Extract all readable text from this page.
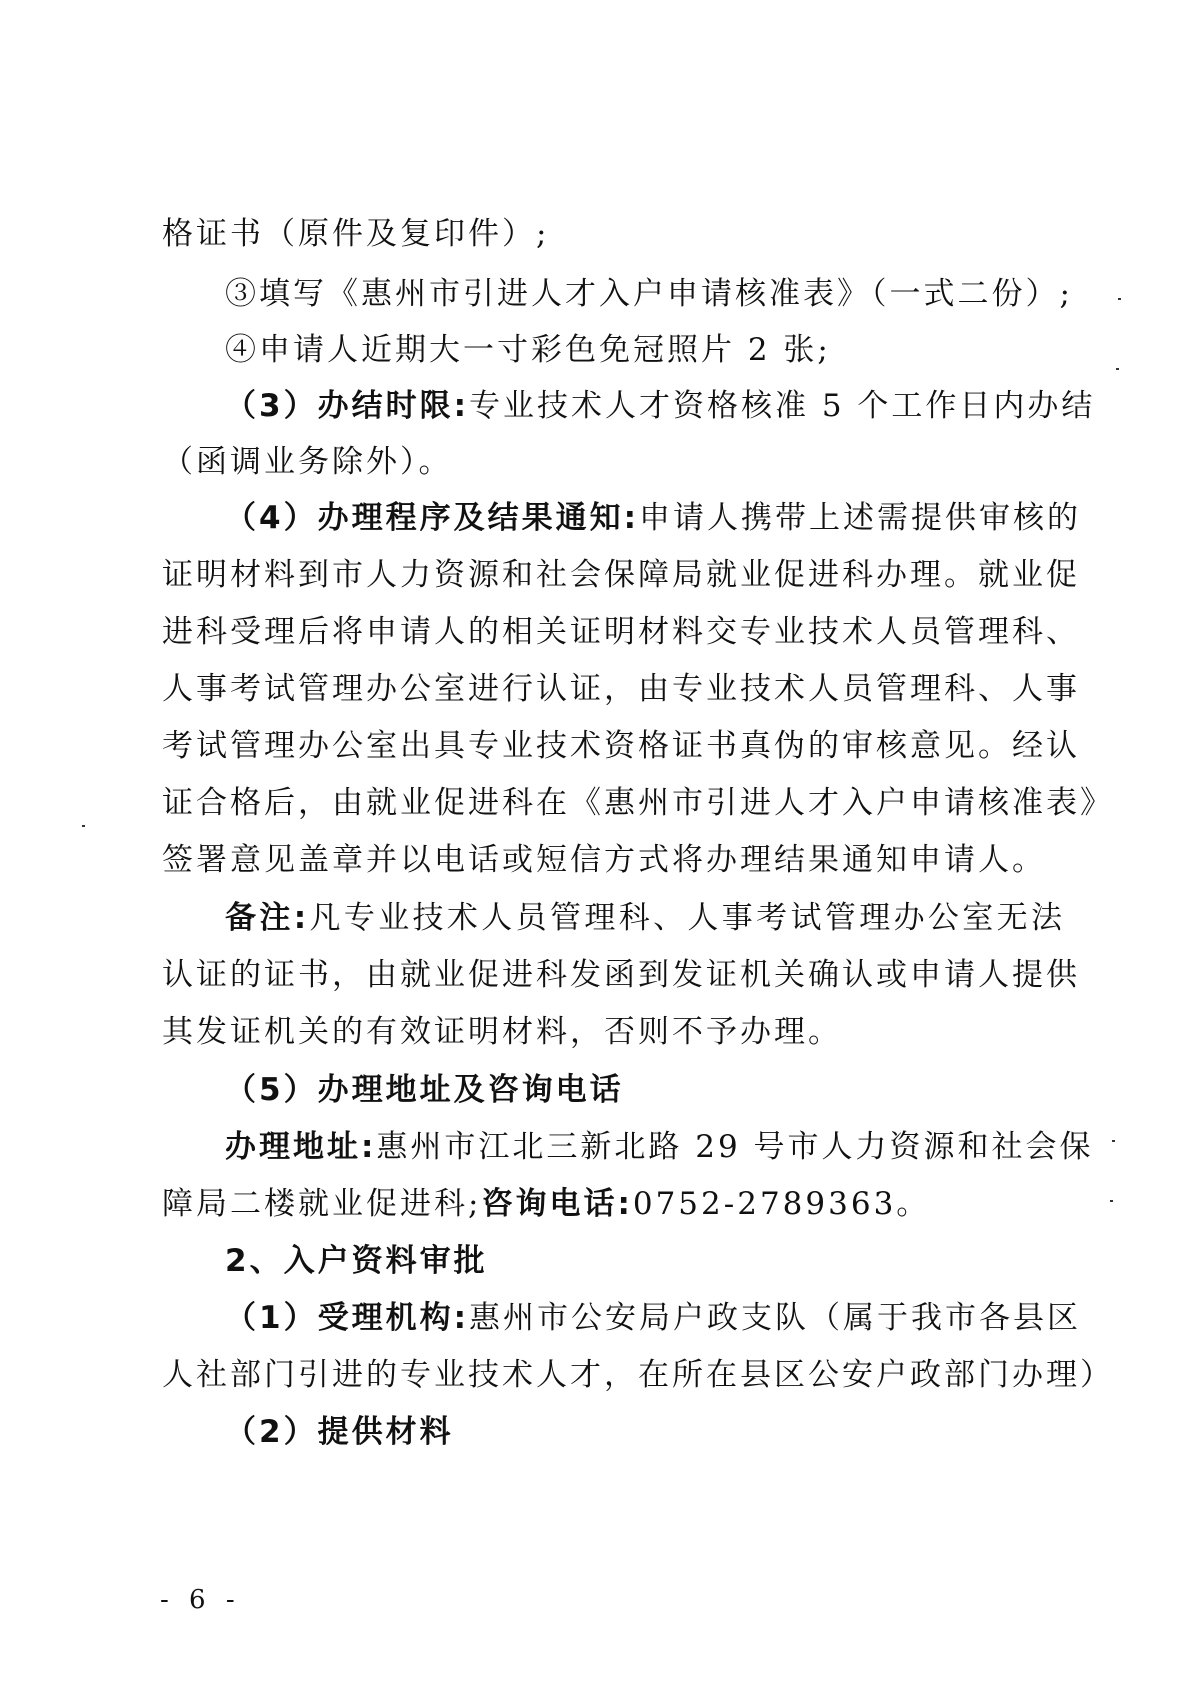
格证书（原件及复印件）;
③填写《惠州市引进人才入户申请核准表》（一式二份）;
④申请人近期大一寸彩色免冠照片 2 张;
（3）办结时限:专业技术人才资格核准 5 个工作日内办结
（函调业务除外）。
（4）办理程序及结果通知:申请人携带上述需提供审核的
证明材料到市人力资源和社会保障局就业促进科办理。就业促
进科受理后将申请人的相关证明材料交专业技术人员管理科、
人事考试管理办公室进行认证，由专业技术人员管理科、人事
考试管理办公室出具专业技术资格证书真伪的审核意见。经认
证合格后，由就业促进科在《惠州市引进人才入户申请核准表》
签署意见盖章并以电话或短信方式将办理结果通知申请人。
备注:凡专业技术人员管理科、人事考试管理办公室无法
认证的证书，由就业促进科发函到发证机关确认或申请人提供
其发证机关的有效证明材料，否则不予办理。
（5）办理地址及咨询电话
办理地址:惠州市江北三新北路 29 号市人力资源和社会保
障局二楼就业促进科;咨询电话:0752-2789363。
2、入户资料审批
（1）受理机构:惠州市公安局户政支队（属于我市各县区
人社部门引进的专业技术人才，在所在县区公安户政部门办理）
（2）提供材料
- 6 -
